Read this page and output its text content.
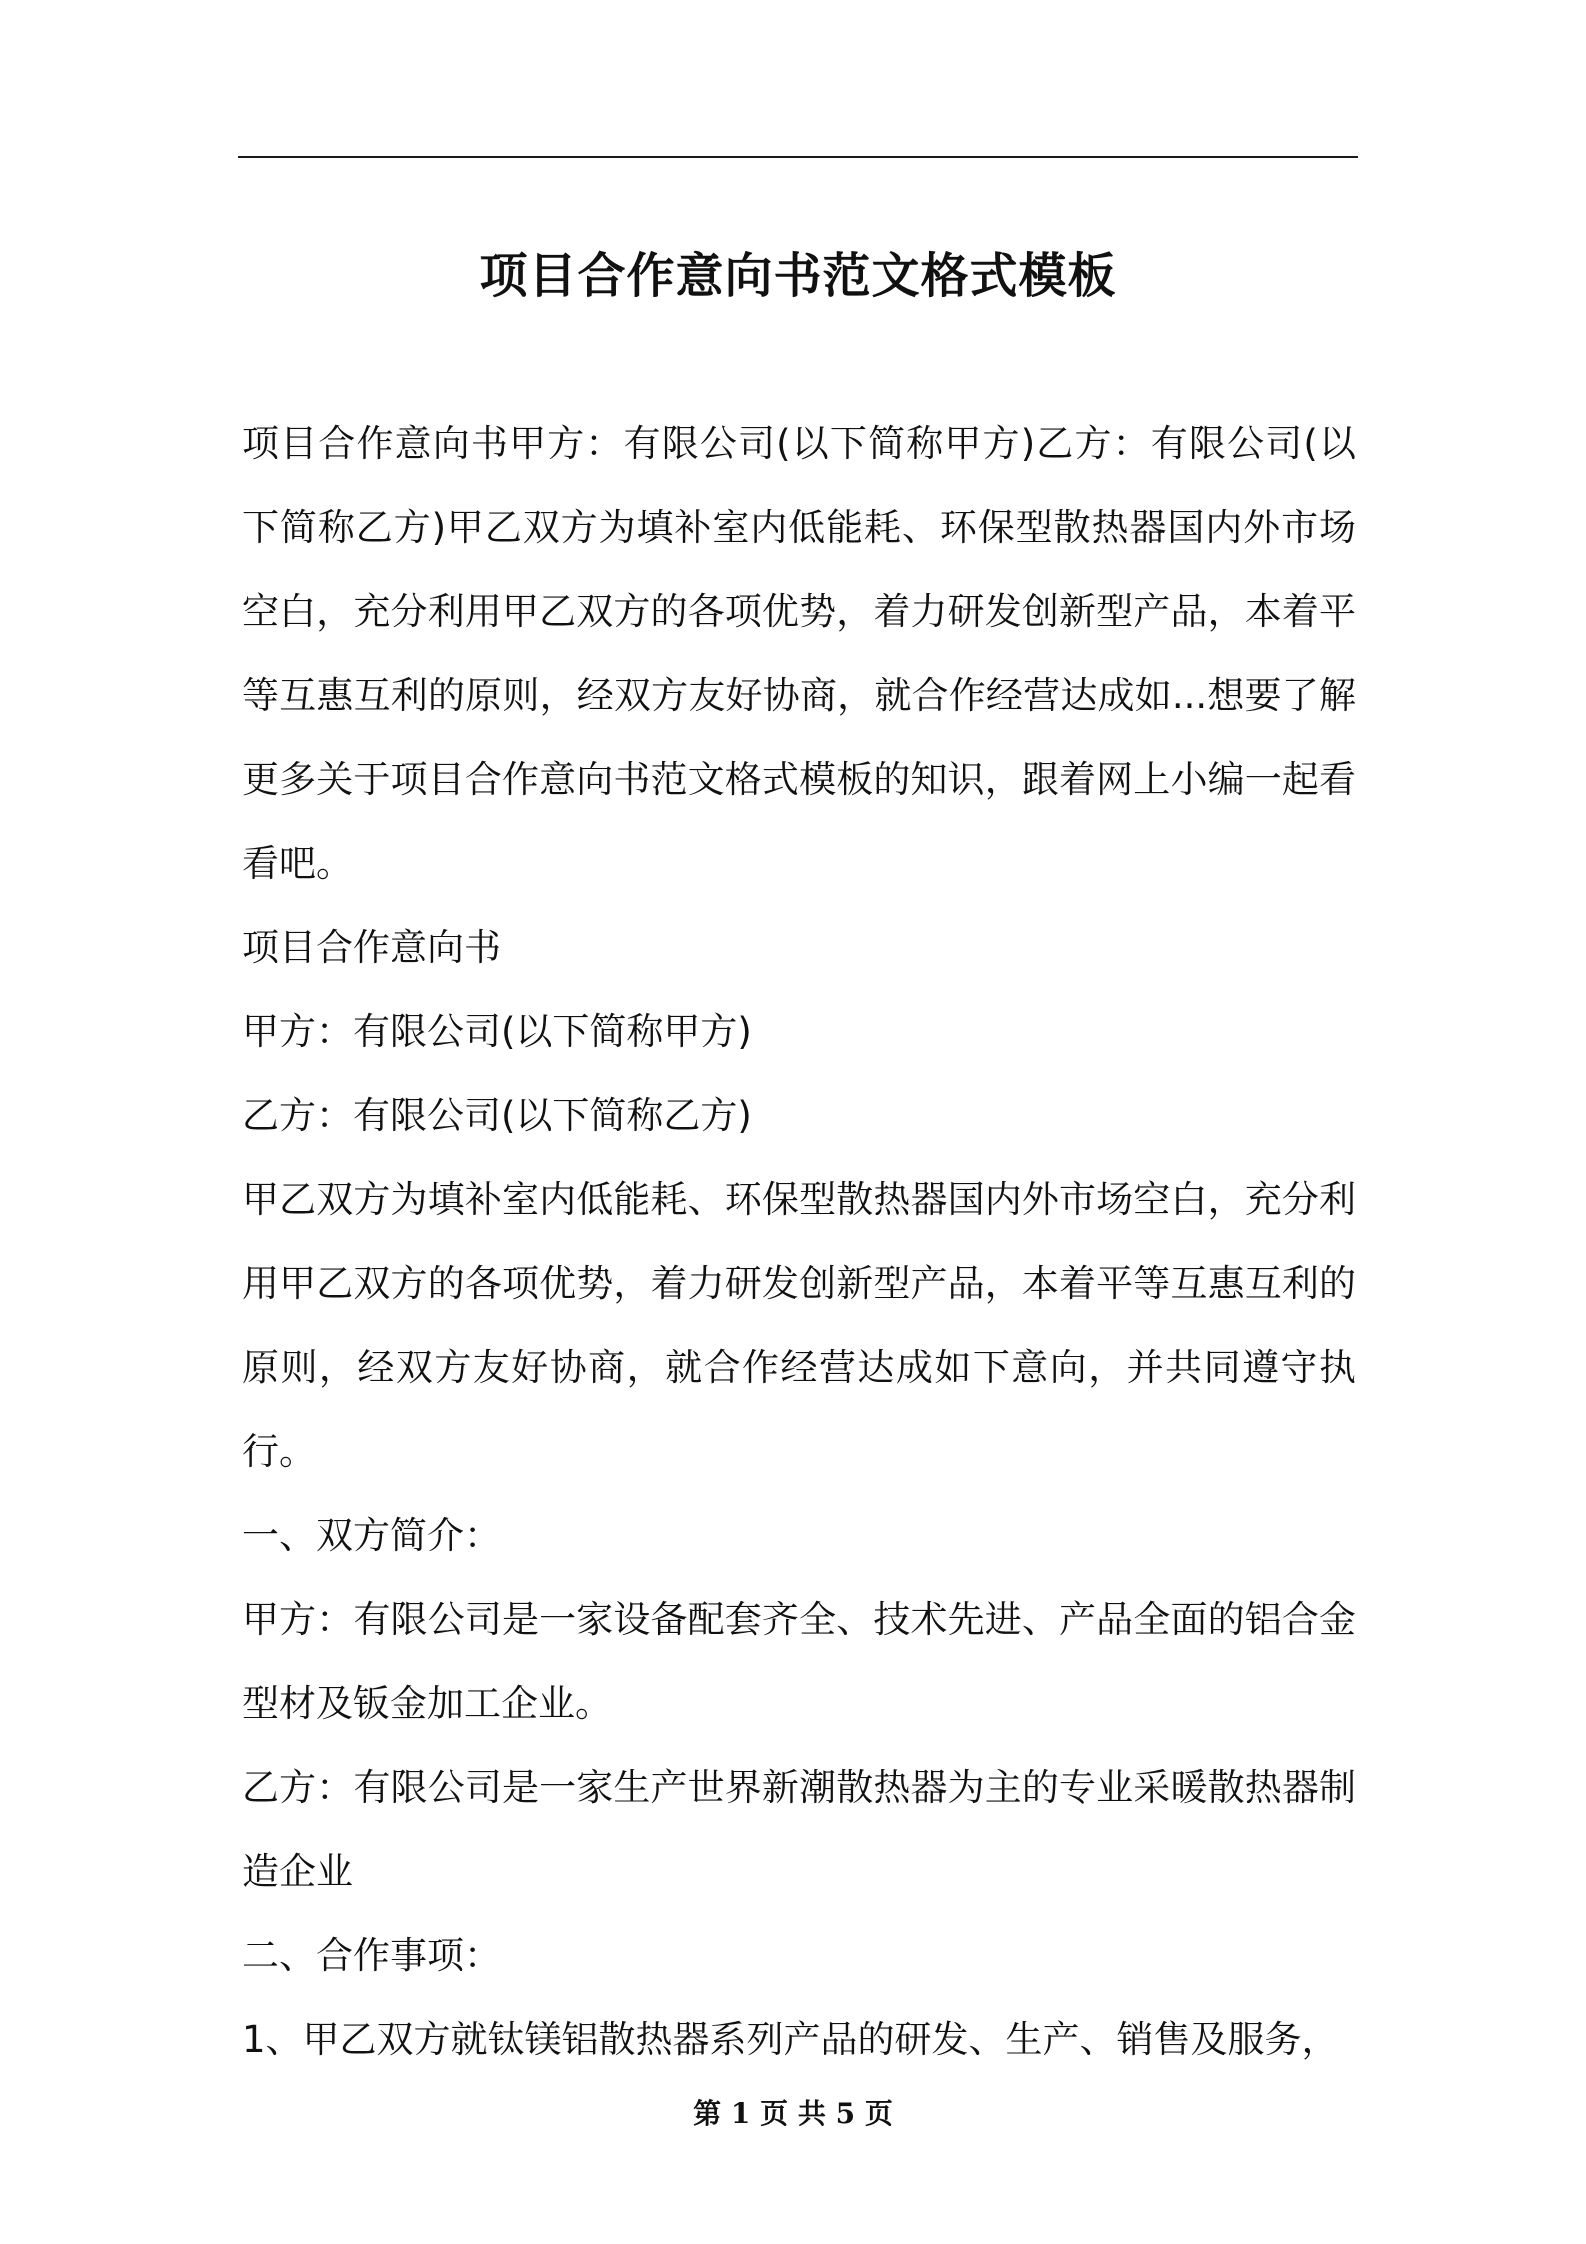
项目合作意向书范文格式模板

项目合作意向书甲方：有限公司(以下简称甲方)乙方：有限公司(以下简称乙方)甲乙双方为填补室内低能耗、环保型散热器国内外市场空白，充分利用甲乙双方的各项优势，着力研发创新型产品，本着平等互惠互利的原则，经双方友好协商，就合作经营达成如...想要了解更多关于项目合作意向书范文格式模板的知识，跟着网上小编一起看看吧。

项目合作意向书

甲方：有限公司(以下简称甲方)

乙方：有限公司(以下简称乙方)

甲乙双方为填补室内低能耗、环保型散热器国内外市场空白，充分利用甲乙双方的各项优势，着力研发创新型产品，本着平等互惠互利的原则，经双方友好协商，就合作经营达成如下意向，并共同遵守执行。

一、双方简介：

甲方：有限公司是一家设备配套齐全、技术先进、产品全面的铝合金型材及钣金加工企业。

乙方：有限公司是一家生产世界新潮散热器为主的专业采暖散热器制造企业

二、合作事项：

1、甲乙双方就钛镁铝散热器系列产品的研发、生产、销售及服务，

第 1 页 共 5 页
